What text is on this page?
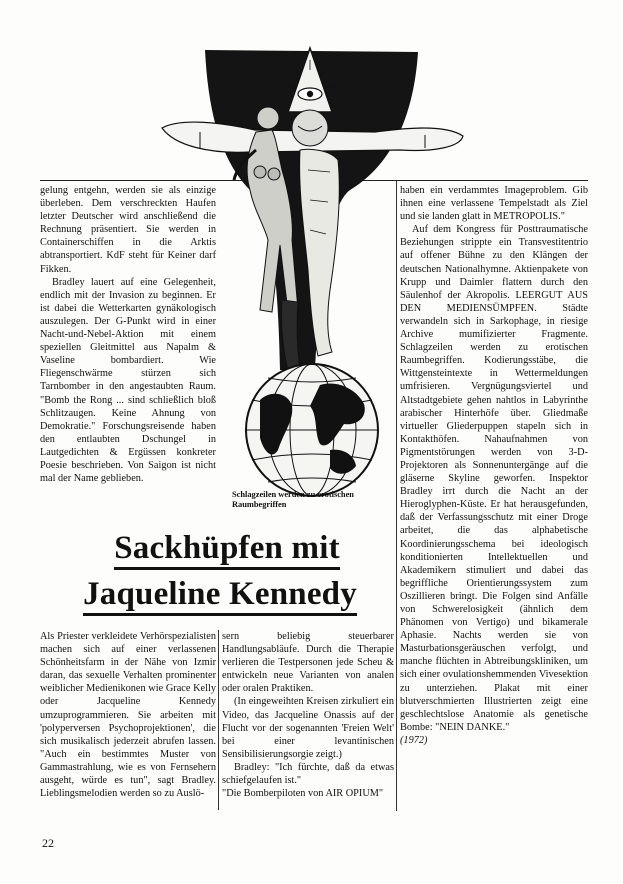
Schlagzeilen werden zu erotischen Raumbegriffen

gelung entgehn, werden sie als einzige überleben. Dem verschreckten Haufen letzter Deutscher wird anschließend die Rechnung präsentiert. Sie werden in Containerschiffen in die Arktis abtransportiert. KdF steht für Keiner darf Fikken.

Bradley lauert auf eine Gelegenheit, endlich mit der Invasion zu beginnen. Er ist dabei die Wetterkarten gynäkologisch auszulegen. Der G-Punkt wird in einer Nacht-und-Nebel-Aktion mit einem speziellen Gleitmittel aus Napalm & Vaseline bombardiert. Wie Fliegenschwärme stürzen sich Tarnbomber in den angestaubten Raum. "Bomb the Rong ... sind schließlich bloß Schlitzaugen. Keine Ahnung von Demokratie." Forschungsreisende haben den entlaubten Dschungel in Lautgedichten & Ergüssen konkreter Poesie beschrieben. Von Saigon ist nicht mal der Name geblieben.

haben ein verdammtes Imageproblem. Gib ihnen eine verlassene Tempelstadt als Ziel und sie landen glatt in METROPOLIS."

Auf dem Kongress für Posttraumatische Beziehungen strippte ein Transvestitentrio auf offener Bühne zu den Klängen der deutschen Nationalhymne. Aktienpakete von Krupp und Daimler flattern durch den Säulenhof der Akropolis. LEERGUT AUS DEN MEDIENSÜMPFEN. Städte verwandeln sich in Sarkophage, in riesige Archive mumifizierter Fragmente. Schlagzeilen werden zu erotischen Raumbegriffen. Kodierungsstäbe, die Wittgensteintexte in Wettermeldungen umfrisieren. Vergnügungsviertel und Altstadtgebiete gehen nahtlos in Labyrinthe arabischer Hinterhöfe über. Gliedmaße virtueller Gliederpuppen stapeln sich in Kontakthöfen. Nahaufnahmen von Pigmentstörungen werden von 3-D-Projektoren als Sonnenuntergänge auf die gläserne Skyline geworfen. Inspektor Bradley irrt durch die Nacht an der Hieroglyphen-Küste. Er hat herausgefunden, daß der Verfassungsschutz mit einer Droge arbeitet, die das alphabetische Koordinierungsschema bei ideologisch konditionierten Intellektuellen und Akademikern stimuliert und dabei das begriffliche Orientierungssystem zum Oszillieren bringt. Die Folgen sind Anfälle von Schwerelosigkeit (ähnlich dem Phänomen von Vertigo) und bikamerale Aphasie. Nachts werden sie von Masturbationsgeräuschen verfolgt, und manche flüchten in Abtreibungskliniken, um sich einer ovulationshemmenden Vivesektion zu unterziehen. Plakat mit einer blutverschmierten Illustrierten zeigt eine geschlechtslose Anatomie als genetische Bombe: "NEIN DANKE."

(1972)

Sackhüpfen mit
Jaqueline Kennedy

Als Priester verkleidete Verhörspezialisten machen sich auf einer verlassenen Schönheitsfarm in der Nähe von Izmir daran, das sexuelle Verhalten prominenter weiblicher Medienikonen wie Grace Kelly oder Jacqueline Kennedy umzuprogrammieren. Sie arbeiten mit 'polyperversen Psychoprojektionen', die sich musikalisch jederzeit abrufen lassen. "Auch ein bestimmtes Muster von Gammastrahlung, wie es von Fernsehern ausgeht, würde es tun", sagt Bradley. Lieblingsmelodien werden so zu Auslö-

sern beliebig steuerbarer Handlungsabläufe. Durch die Therapie verlieren die Testpersonen jede Scheu & entwickeln neue Varianten von analen oder oralen Praktiken.

(In eingeweihten Kreisen zirkuliert ein Video, das Jacqueline Onassis auf der Flucht vor der sogenannten 'Freien Welt' bei einer levantinischen Sensibilisierungsorgie zeigt.)

Bradley: "Ich fürchte, daß da etwas schiefgelaufen ist."

"Die Bomberpiloten von AIR OPIUM"

22
